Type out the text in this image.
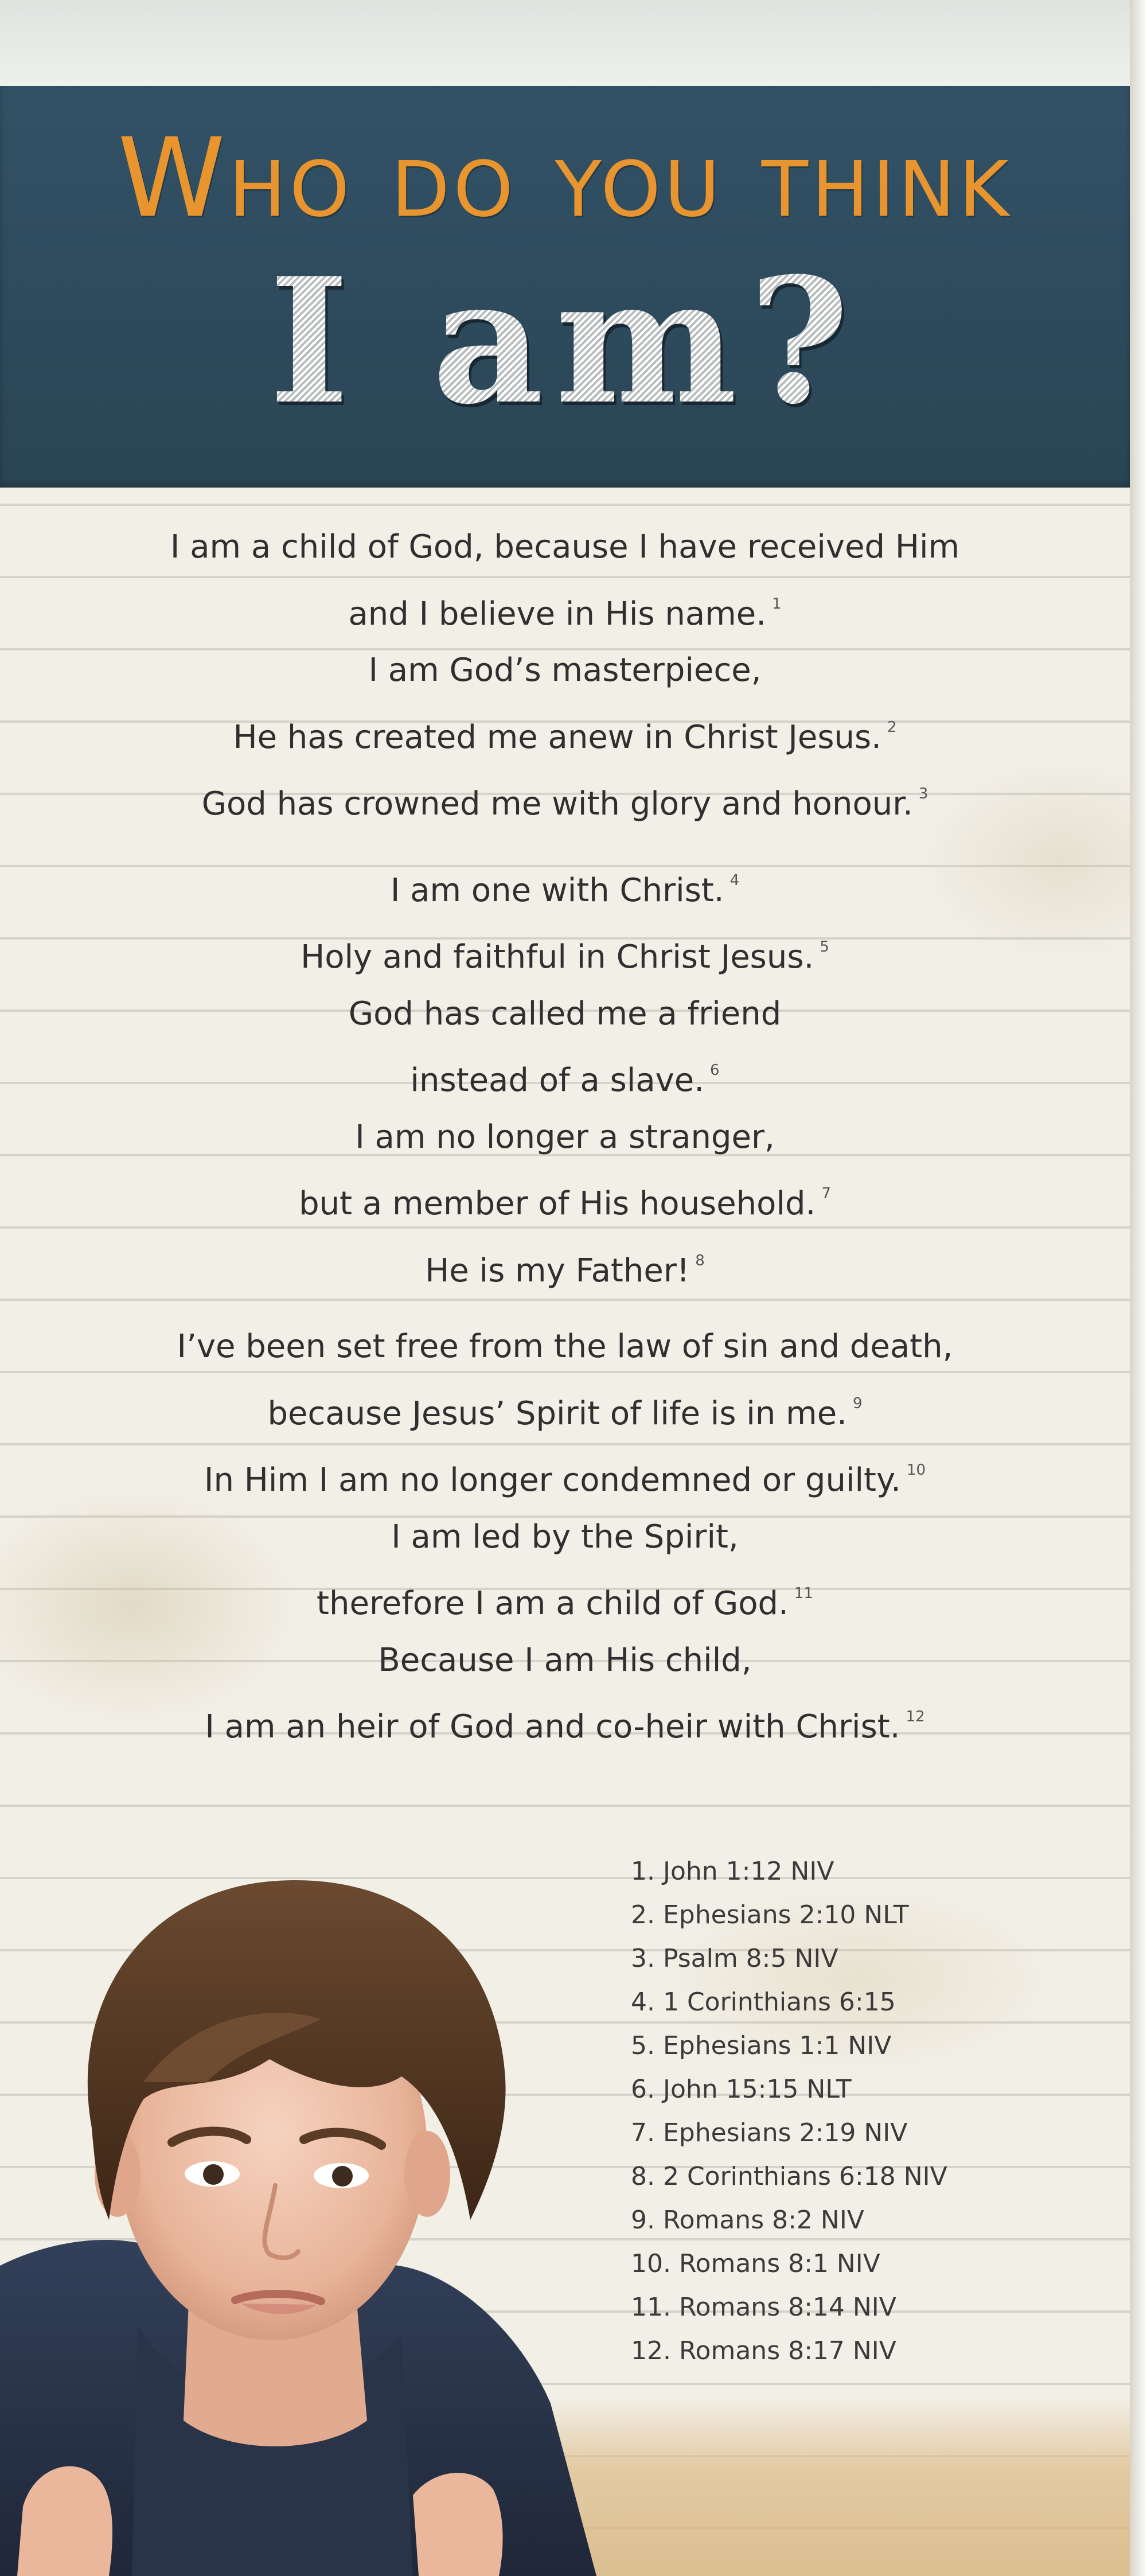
Who do you think
I am?
I am a child of God, because I have received Him
and I believe in His name. $^1$
I am God’s masterpiece,
He has created me anew in Christ Jesus. $^2$
God has crowned me with glory and honour. $^3$
I am one with Christ. $^4$
Holy and faithful in Christ Jesus. $^5$
God has called me a friend
instead of a slave. $^6$
I am no longer a stranger,
but a member of His household. $^7$
He is my Father! $^8$
I’ve been set free from the law of sin and death,
because Jesus’ Spirit of life is in me. $^9$
In Him I am no longer condemned or guilty. $^{10}$
I am led by the Spirit,
therefore I am a child of God. $^{11}$
Because I am His child,
I am an heir of God and co-heir with Christ. $^{12}$
1. John 1:12 NIV
2. Ephesians 2:10 NLT
3. Psalm 8:5 NIV
4. 1 Corinthians 6:15
5. Ephesians 1:1 NIV
6. John 15:15 NLT
7. Ephesians 2:19 NIV
8. 2 Corinthians 6:18 NIV
9. Romans 8:2 NIV
10. Romans 8:1 NIV
11. Romans 8:14 NIV
12. Romans 8:17 NIV
